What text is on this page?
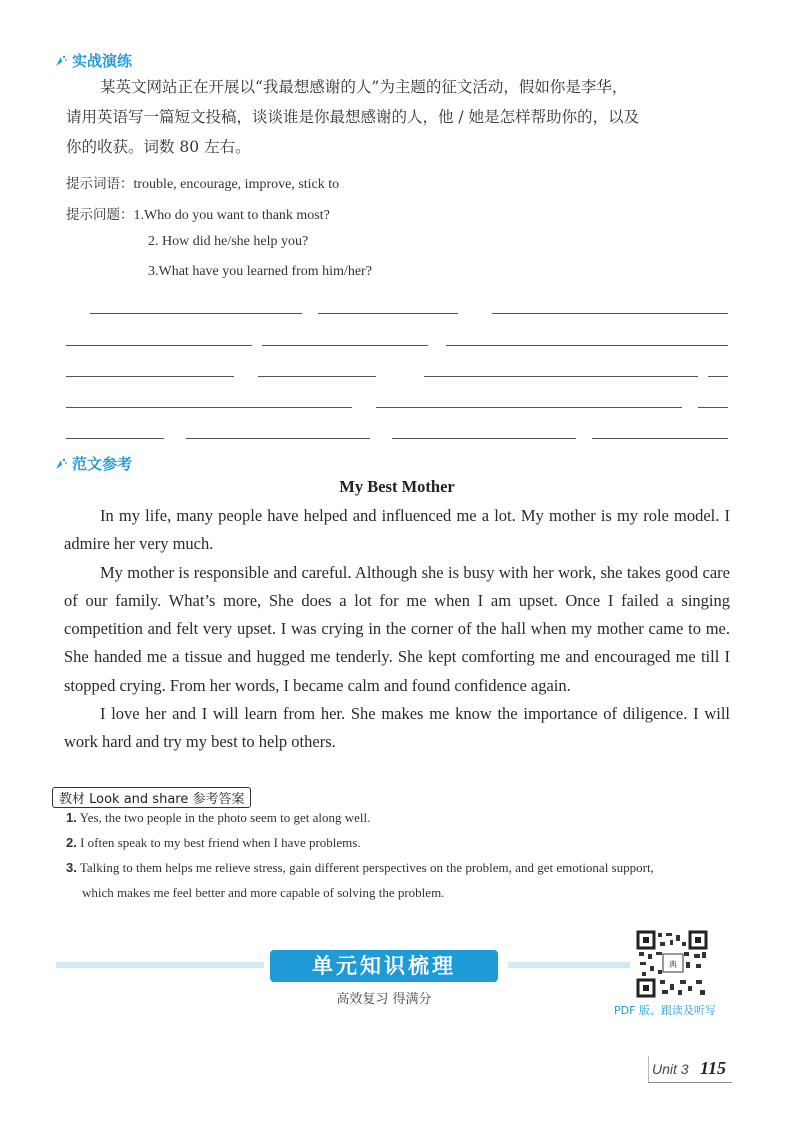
实战演练
某英文网站正在开展以“我最想感谢的人”为主题的征文活动，假如你是李华，
请用英语写一篇短文投稿，谈谈谁是你最想感谢的人，他 / 她是怎样帮助你的，以及
你的收获。词数 80 左右。
提示词语：trouble, encourage, improve, stick to
提示问题：1.Who do you want to thank most?
2. How did he/she help you?
3.What have you learned from him/her?
范文参考
My Best Mother

In my life, many people have helped and influenced me a lot. My mother is my role model. I admire her very much.

My mother is responsible and careful. Although she is busy with her work, she takes good care of our family. What’s more, She does a lot for me when I am upset. Once I failed a singing competition and felt very upset. I was crying in the corner of the hall when my mother came to me. She handed me a tissue and hugged me tenderly. She kept comforting me and encouraged me till I stopped crying. From her words, I became calm and found confidence again.

I love her and I will learn from her. She makes me know the importance of diligence. I will work hard and try my best to help others.

教材 Look and share 参考答案
1. Yes, the two people in the photo seem to get along well.
2. I often speak to my best friend when I have problems.
3. Talking to them helps me relieve stress, gain different perspectives on the problem, and get emotional support,
which makes me feel better and more capable of solving the problem.
单元知识梳理
高效复习 得满分
典
PDF 版、跟读及听写
Unit 3 115
